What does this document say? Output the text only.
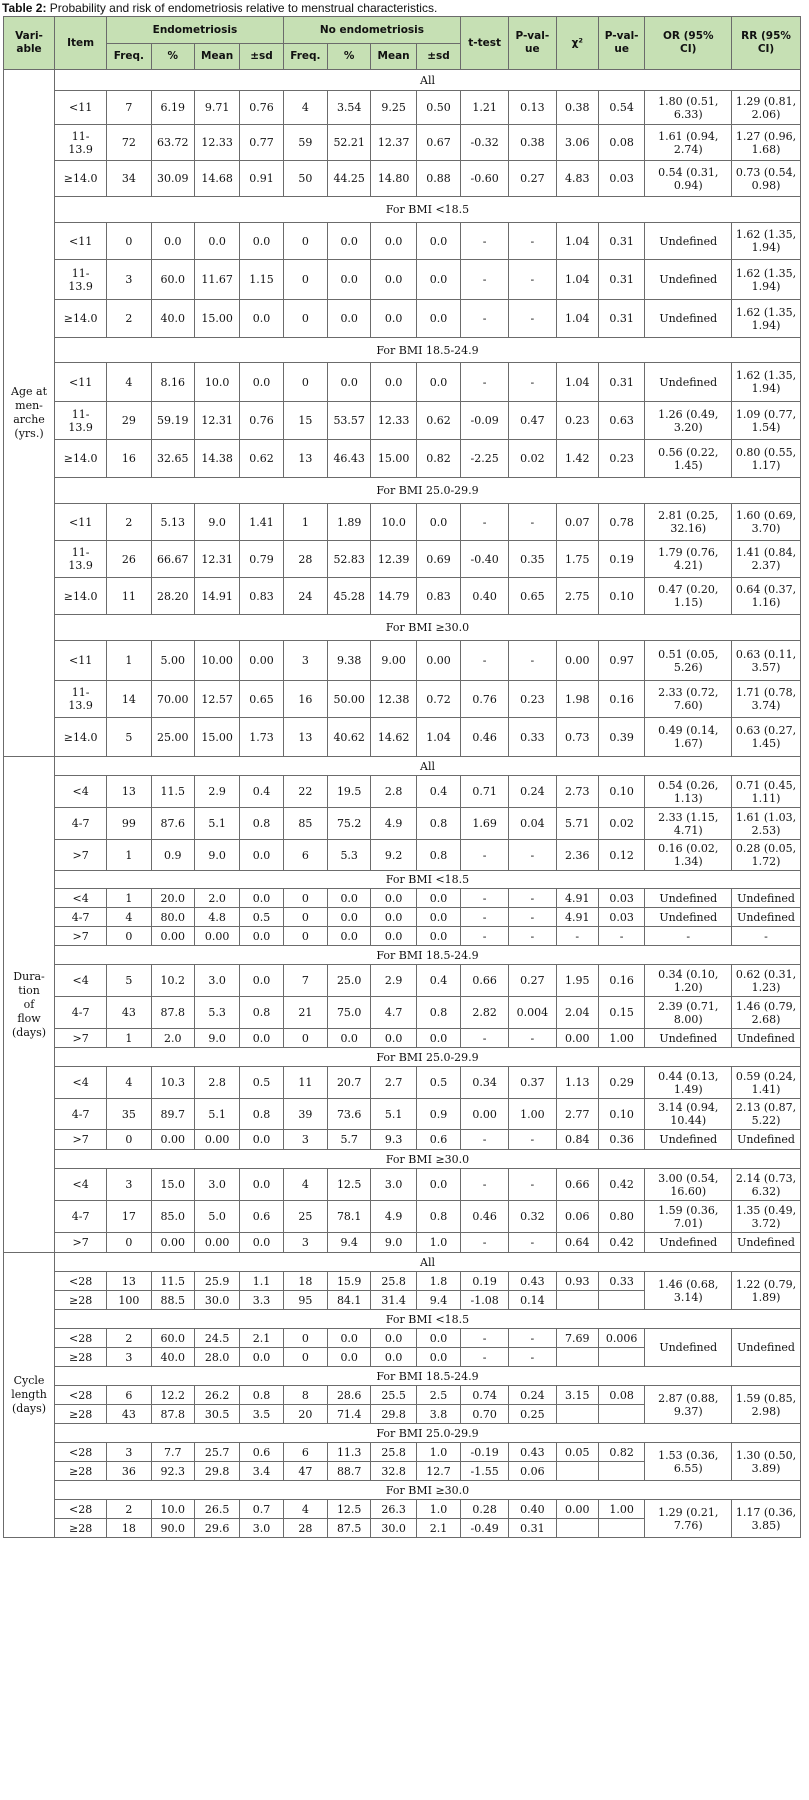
Table 2: Probability and risk of endometriosis relative to menstrual characteristics.
Vari-
able	Item	Endometriosis				No endometriosis				t-test	P-val-
ue	χ²	P-val-
ue	OR (95%
CI)	RR (95%
CI)
		Freq.	%	Mean	±sd	Freq.	%	Mean	±sd						
Age at
men-
arche
(yrs.)	All														
	<11	7	6.19	9.71	0.76	4	3.54	9.25	0.50	1.21	0.13	0.38	0.54	1.80 (0.51,
6.33)	1.29 (0.81,
2.06)
	11-
13.9	72	63.72	12.33	0.77	59	52.21	12.37	0.67	-0.32	0.38	3.06	0.08	1.61 (0.94,
2.74)	1.27 (0.96,
1.68)
	≥14.0	34	30.09	14.68	0.91	50	44.25	14.80	0.88	-0.60	0.27	4.83	0.03	0.54 (0.31,
0.94)	0.73 (0.54,
0.98)
	For BMI <18.5														
	<11	0	0.0	0.0	0.0	0	0.0	0.0	0.0	-	-	1.04	0.31	Undefined	1.62 (1.35,
1.94)
	11-
13.9	3	60.0	11.67	1.15	0	0.0	0.0	0.0	-	-	1.04	0.31	Undefined	1.62 (1.35,
1.94)
	≥14.0	2	40.0	15.00	0.0	0	0.0	0.0	0.0	-	-	1.04	0.31	Undefined	1.62 (1.35,
1.94)
	For BMI 18.5-24.9														
	<11	4	8.16	10.0	0.0	0	0.0	0.0	0.0	-	-	1.04	0.31	Undefined	1.62 (1.35,
1.94)
	11-
13.9	29	59.19	12.31	0.76	15	53.57	12.33	0.62	-0.09	0.47	0.23	0.63	1.26 (0.49,
3.20)	1.09 (0.77,
1.54)
	≥14.0	16	32.65	14.38	0.62	13	46.43	15.00	0.82	-2.25	0.02	1.42	0.23	0.56 (0.22,
1.45)	0.80 (0.55,
1.17)
	For BMI 25.0-29.9														
	<11	2	5.13	9.0	1.41	1	1.89	10.0	0.0	-	-	0.07	0.78	2.81 (0.25,
32.16)	1.60 (0.69,
3.70)
	11-
13.9	26	66.67	12.31	0.79	28	52.83	12.39	0.69	-0.40	0.35	1.75	0.19	1.79 (0.76,
4.21)	1.41 (0.84,
2.37)
	≥14.0	11	28.20	14.91	0.83	24	45.28	14.79	0.83	0.40	0.65	2.75	0.10	0.47 (0.20,
1.15)	0.64 (0.37,
1.16)
	For BMI ≥30.0														
	<11	1	5.00	10.00	0.00	3	9.38	9.00	0.00	-	-	0.00	0.97	0.51 (0.05,
5.26)	0.63 (0.11,
3.57)
	11-
13.9	14	70.00	12.57	0.65	16	50.00	12.38	0.72	0.76	0.23	1.98	0.16	2.33 (0.72,
7.60)	1.71 (0.78,
3.74)
	≥14.0	5	25.00	15.00	1.73	13	40.62	14.62	1.04	0.46	0.33	0.73	0.39	0.49 (0.14,
1.67)	0.63 (0.27,
1.45)
Dura-
tion
of
flow
(days)	All														
	<4	13	11.5	2.9	0.4	22	19.5	2.8	0.4	0.71	0.24	2.73	0.10	0.54 (0.26,
1.13)	0.71 (0.45,
1.11)
	4-7	99	87.6	5.1	0.8	85	75.2	4.9	0.8	1.69	0.04	5.71	0.02	2.33 (1.15,
4.71)	1.61 (1.03,
2.53)
	>7	1	0.9	9.0	0.0	6	5.3	9.2	0.8	-	-	2.36	0.12	0.16 (0.02,
1.34)	0.28 (0.05,
1.72)
	For BMI <18.5														
	<4	1	20.0	2.0	0.0	0	0.0	0.0	0.0	-	-	4.91	0.03	Undefined	Undefined
	4-7	4	80.0	4.8	0.5	0	0.0	0.0	0.0	-	-	4.91	0.03	Undefined	Undefined
	>7	0	0.00	0.00	0.0	0	0.0	0.0	0.0	-	-	-	-	-	-
	For BMI 18.5-24.9														
	<4	5	10.2	3.0	0.0	7	25.0	2.9	0.4	0.66	0.27	1.95	0.16	0.34 (0.10,
1.20)	0.62 (0.31,
1.23)
	4-7	43	87.8	5.3	0.8	21	75.0	4.7	0.8	2.82	0.004	2.04	0.15	2.39 (0.71,
8.00)	1.46 (0.79,
2.68)
	>7	1	2.0	9.0	0.0	0	0.0	0.0	0.0	-	-	0.00	1.00	Undefined	Undefined
	For BMI 25.0-29.9														
	<4	4	10.3	2.8	0.5	11	20.7	2.7	0.5	0.34	0.37	1.13	0.29	0.44 (0.13,
1.49)	0.59 (0.24,
1.41)
	4-7	35	89.7	5.1	0.8	39	73.6	5.1	0.9	0.00	1.00	2.77	0.10	3.14 (0.94,
10.44)	2.13 (0.87,
5.22)
	>7	0	0.00	0.00	0.0	3	5.7	9.3	0.6	-	-	0.84	0.36	Undefined	Undefined
	For BMI ≥30.0														
	<4	3	15.0	3.0	0.0	4	12.5	3.0	0.0	-	-	0.66	0.42	3.00 (0.54,
16.60)	2.14 (0.73,
6.32)
	4-7	17	85.0	5.0	0.6	25	78.1	4.9	0.8	0.46	0.32	0.06	0.80	1.59 (0.36,
7.01)	1.35 (0.49,
3.72)
	>7	0	0.00	0.00	0.0	3	9.4	9.0	1.0	-	-	0.64	0.42	Undefined	Undefined
Cycle
length
(days)	All														
	<28	13	11.5	25.9	1.1	18	15.9	25.8	1.8	0.19	0.43	0.93	0.33	1.46 (0.68,
3.14)	1.22 (0.79,
1.89)
	≥28	100	88.5	30.0	3.3	95	84.1	31.4	9.4	-1.08	0.14				
	For BMI <18.5														
	<28	2	60.0	24.5	2.1	0	0.0	0.0	0.0	-	-	7.69	0.006	Undefined	Undefined
	≥28	3	40.0	28.0	0.0	0	0.0	0.0	0.0	-	-				
	For BMI 18.5-24.9														
	<28	6	12.2	26.2	0.8	8	28.6	25.5	2.5	0.74	0.24	3.15	0.08	2.87 (0.88,
9.37)	1.59 (0.85,
2.98)
	≥28	43	87.8	30.5	3.5	20	71.4	29.8	3.8	0.70	0.25				
	For BMI 25.0-29.9														
	<28	3	7.7	25.7	0.6	6	11.3	25.8	1.0	-0.19	0.43	0.05	0.82	1.53 (0.36,
6.55)	1.30 (0.50,
3.89)
	≥28	36	92.3	29.8	3.4	47	88.7	32.8	12.7	-1.55	0.06				
	For BMI ≥30.0														
	<28	2	10.0	26.5	0.7	4	12.5	26.3	1.0	0.28	0.40	0.00	1.00	1.29 (0.21,
7.76)	1.17 (0.36,
3.85)
	≥28	18	90.0	29.6	3.0	28	87.5	30.0	2.1	-0.49	0.31				
